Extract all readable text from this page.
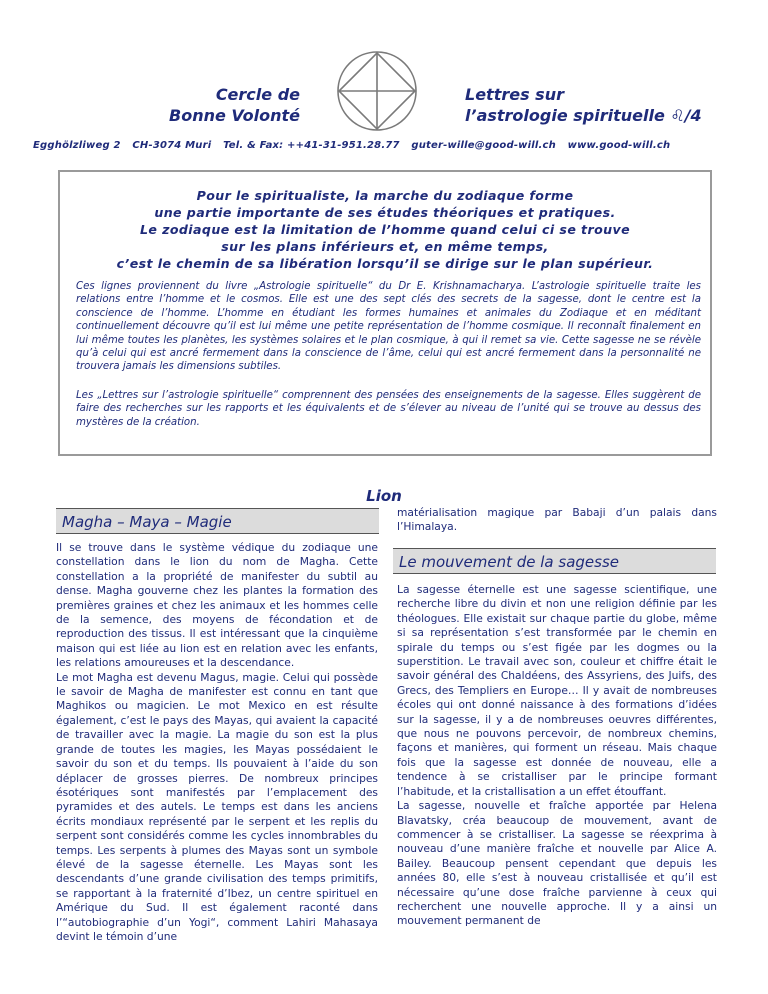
Cercle de
Bonne Volonté
Lettres sur
l’astrologie spirituelle ♌/4
Egghölzliweg 2 CH-3074 Muri Tel. & Fax: ++41-31-951.28.77 guter-wille@good-will.ch www.good-will.ch
Pour le spiritualiste, la marche du zodiaque forme
une partie importante de ses études théoriques et pratiques.
Le zodiaque est la limitation de l’homme quand celui ci se trouve
sur les plans inférieurs et, en même temps,
c’est le chemin de sa libération lorsqu’il se dirige sur le plan supérieur.
Ces lignes proviennent du livre „Astrologie spirituelle“ du Dr E. Krishnamacharya. L’astrologie spirituelle traite les relations entre l’homme et le cosmos. Elle est une des sept clés des secrets de la sagesse, dont le centre est la conscience de l’homme. L’homme en étudiant les formes humaines et animales du Zodiaque et en méditant continuellement découvre qu’il est lui même une petite représentation de l’homme cosmique. Il reconnaît finalement en lui même toutes les planètes, les systèmes solaires et le plan cosmique, à qui il remet sa vie. Cette sagesse ne se révèle qu’à celui qui est ancré fermement dans la conscience de l’âme, celui qui est ancré fermement dans la personnalité ne trouvera jamais les dimensions subtiles.
Les „Lettres sur l’astrologie spirituelle“ comprennent des pensées des enseignements de la sagesse. Elles suggèrent de faire des recherches sur les rapports et les équivalents et de s’élever au niveau de l’unité qui se trouve au dessus des mystères de la création.
Lion
Magha – Maya – Magie

Il se trouve dans le système védique du zodiaque une constellation dans le lion du nom de Magha. Cette constellation a la propriété de manifester du subtil au dense. Magha gouverne chez les plantes la formation des premières graines et chez les animaux et les hommes celle de la semence, des moyens de fécondation et de reproduction des tissus. Il est intéressant que la cinquième maison qui est liée au lion est en relation avec les enfants, les relations amoureuses et la descendance.

Le mot Magha est devenu Magus, magie. Celui qui possède le savoir de Magha de manifester est connu en tant que Maghikos ou magicien. Le mot Mexico en est résulte également, c’est le pays des Mayas, qui avaient la capacité de travailler avec la magie. La magie du son est la plus grande de toutes les magies, les Mayas possédaient le savoir du son et du temps. Ils pouvaient à l’aide du son déplacer de grosses pierres. De nombreux principes ésotériques sont manifestés par l’emplacement des pyramides et des autels. Le temps est dans les anciens écrits mondiaux représenté par le serpent et les replis du serpent sont considérés comme les cycles innombrables du temps. Les serpents à plumes des Mayas sont un symbole élevé de la sagesse éternelle. Les Mayas sont les descendants d’une grande civilisation des temps primitifs, se rapportant à la fraternité d’Ibez, un centre spirituel en Amérique du Sud. Il est également raconté dans l’“autobiographie d’un Yogi“, comment Lahiri Mahasaya devint le témoin d’une

matérialisation magique par Babaji d’un palais dans l’Himalaya.

Le mouvement de la sagesse

La sagesse éternelle est une sagesse scientifique, une recherche libre du divin et non une religion définie par les théologues. Elle existait sur chaque partie du globe, même si sa représentation s’est transformée par le chemin en spirale du temps ou s’est figée par les dogmes ou la superstition. Le travail avec son, couleur et chiffre était le savoir général des Chaldéens, des Assyriens, des Juifs, des Grecs, des Templiers en Europe… Il y avait de nombreuses écoles qui ont donné naissance à des formations d’idées sur la sagesse, il y a de nombreuses oeuvres différentes, que nous ne pouvons percevoir, de nombreux chemins, façons et manières, qui forment un réseau. Mais chaque fois que la sagesse est donnée de nouveau, elle a tendence à se cristalliser par le principe formant l’habitude, et la cristallisation a un effet étouffant.

La sagesse, nouvelle et fraîche apportée par Helena Blavatsky, créa beaucoup de mouvement, avant de commencer à se cristalliser. La sagesse se réexprima à nouveau d’une manière fraîche et nouvelle par Alice A. Bailey. Beaucoup pensent cependant que depuis les années 80, elle s’est à nouveau cristallisée et qu’il est nécessaire qu’une dose fraîche parvienne à ceux qui recherchent une nouvelle approche. Il y a ainsi un mouvement permanent de
